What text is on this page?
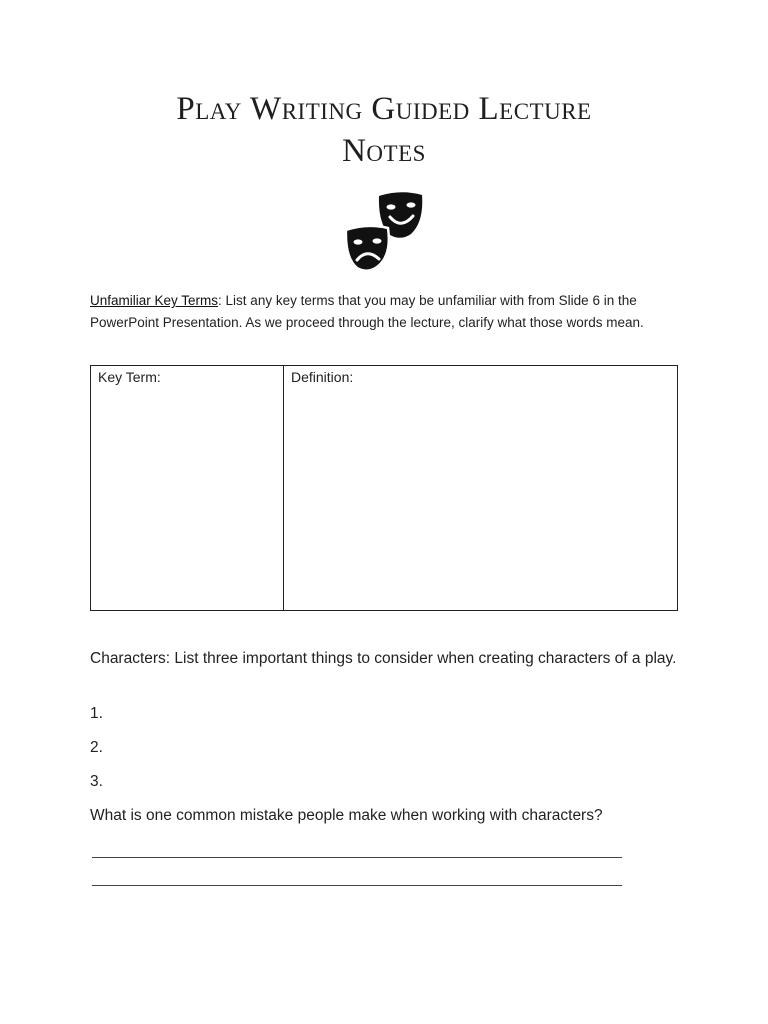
Play Writing Guided Lecture
Notes
Unfamiliar Key Terms: List any key terms that you may be unfamiliar with from Slide 6 in the PowerPoint Presentation. As we proceed through the lecture, clarify what those words mean.
Key Term:	Definition:
Characters: List three important things to consider when creating characters of a play.
1.
2.
3.
What is one common mistake people make when working with characters?
